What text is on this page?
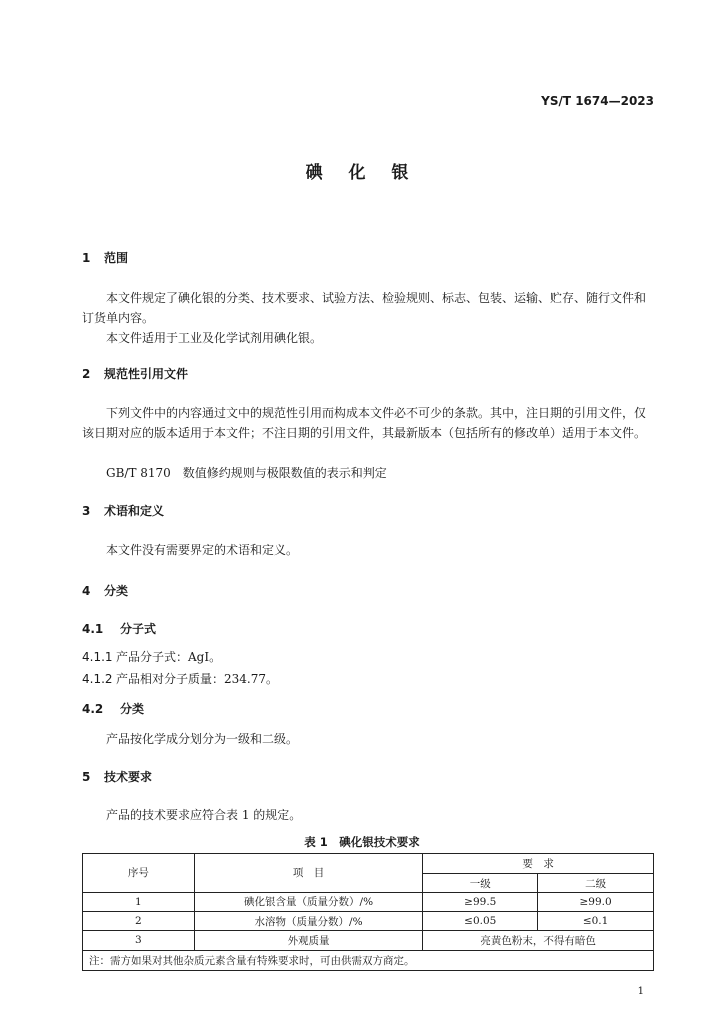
YS/T 1674—2023
碘 化 银
1 范围
本文件规定了碘化银的分类、技术要求、试验方法、检验规则、标志、包装、运输、贮存、随行文件和订货单内容。
本文件适用于工业及化学试剂用碘化银。
2 规范性引用文件
下列文件中的内容通过文中的规范性引用而构成本文件必不可少的条款。其中，注日期的引用文件，仅该日期对应的版本适用于本文件；不注日期的引用文件，其最新版本（包括所有的修改单）适用于本文件。
GB/T 8170　数值修约规则与极限数值的表示和判定
3 术语和定义
本文件没有需要界定的术语和定义。
4 分类
4.1 分子式
4.1.1 产品分子式：AgI。
4.1.2 产品相对分子质量：234.77。
4.2 分类
产品按化学成分划分为一级和二级。
5 技术要求
产品的技术要求应符合表 1 的规定。
表 1　碘化银技术要求
序号	项　目	要　求	
		一级	二级
1	碘化银含量（质量分数）/%	≥99.5	≥99.0
2	水溶物（质量分数）/%	≤0.05	≤0.1
3	外观质量	亮黄色粉末，不得有暗色	
注：需方如果对其他杂质元素含量有特殊要求时，可由供需双方商定。			
1
